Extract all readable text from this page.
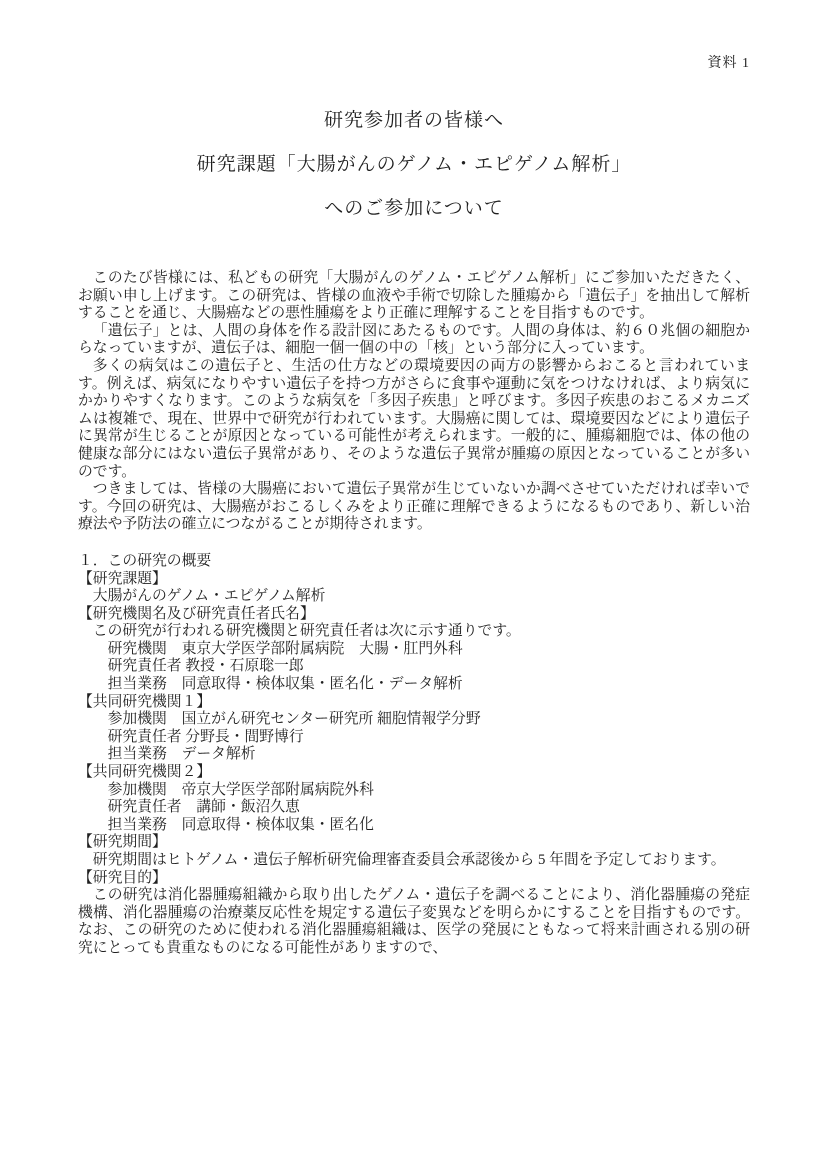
資料 1

研究参加者の皆様へ

研究課題「大腸がんのゲノム・エピゲノム解析」

へのご参加について

このたび皆様には、私どもの研究「大腸がんのゲノム・エピゲノム解析」にご参加いただきたく、お願い申し上げます。この研究は、皆様の血液や手術で切除した腫瘍から「遺伝子」を抽出して解析することを通じ、大腸癌などの悪性腫瘍をより正確に理解することを目指すものです。

「遺伝子」とは、人間の身体を作る設計図にあたるものです。人間の身体は、約６０兆個の細胞からなっていますが、遺伝子は、細胞一個一個の中の「核」という部分に入っています。

多くの病気はこの遺伝子と、生活の仕方などの環境要因の両方の影響からおこると言われています。例えば、病気になりやすい遺伝子を持つ方がさらに食事や運動に気をつけなければ、より病気にかかりやすくなります。このような病気を「多因子疾患」と呼びます。多因子疾患のおこるメカニズムは複雑で、現在、世界中で研究が行われています。大腸癌に関しては、環境要因などにより遺伝子に異常が生じることが原因となっている可能性が考えられます。一般的に、腫瘍細胞では、体の他の健康な部分にはない遺伝子異常があり、そのような遺伝子異常が腫瘍の原因となっていることが多いのです。

つきましては、皆様の大腸癌において遺伝子異常が生じていないか調べさせていただければ幸いです。今回の研究は、大腸癌がおこるしくみをより正確に理解できるようになるものであり、新しい治療法や予防法の確立につながることが期待されます。

１．この研究の概要

【研究課題】

大腸がんのゲノム・エピゲノム解析

【研究機関名及び研究責任者氏名】

この研究が行われる研究機関と研究責任者は次に示す通りです。

研究機関　東京大学医学部附属病院　大腸・肛門外科

研究責任者 教授・石原聡一郎

担当業務　同意取得・検体収集・匿名化・データ解析

【共同研究機関１】

参加機関　国立がん研究センター研究所 細胞情報学分野

研究責任者 分野長・間野博行

担当業務　データ解析

【共同研究機関２】

参加機関　帝京大学医学部附属病院外科

研究責任者　講師・飯沼久恵

担当業務　同意取得・検体収集・匿名化

【研究期間】

研究期間はヒトゲノム・遺伝子解析研究倫理審査委員会承認後から 5 年間を予定しております。

【研究目的】

この研究は消化器腫瘍組織から取り出したゲノム・遺伝子を調べることにより、消化器腫瘍の発症機構、消化器腫瘍の治療薬反応性を規定する遺伝子変異などを明らかにすることを目指すものです。なお、この研究のために使われる消化器腫瘍組織は、医学の発展にともなって将来計画される別の研究にとっても貴重なものになる可能性がありますので、
